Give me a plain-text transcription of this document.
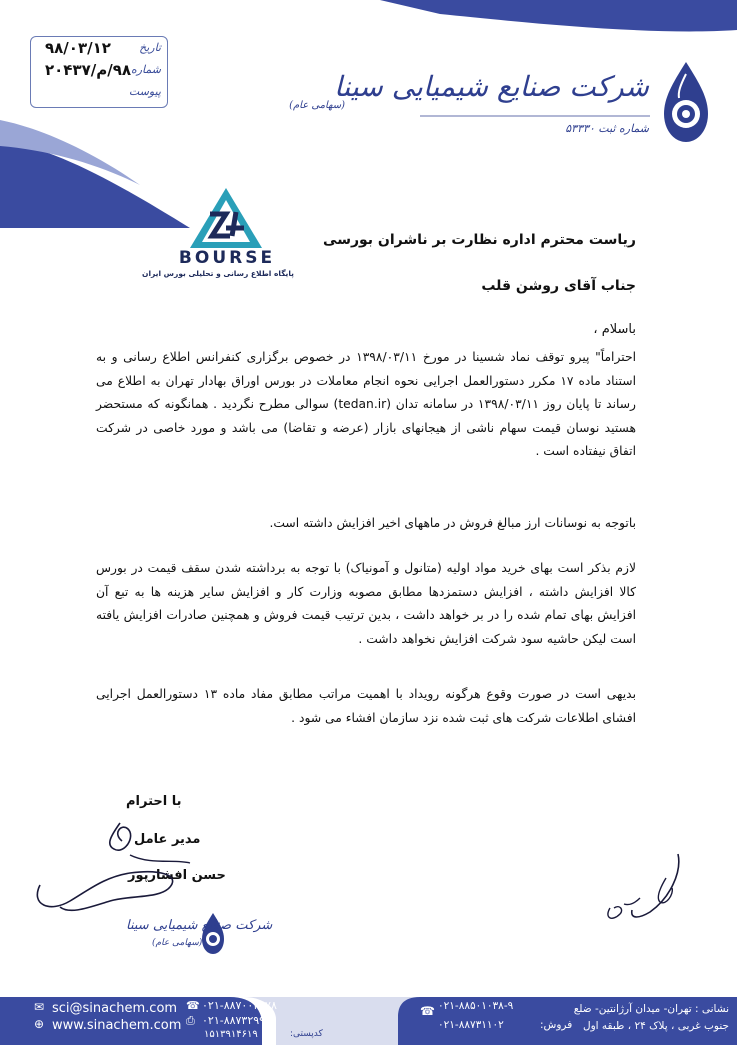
تاریخ
۹۸/۰۳/۱۲
شماره
۹۸/م/۲۰۴۳۷
پیوست	شرکت صنایع شیمیایی سینا
(سهامی عام)
شماره ثبت ۵۳۳۳۰
BOURSE
پایگاه اطلاع رسانی و تحلیلی بورس ایران
ریاست محترم اداره نظارت بر ناشران بورسی
جناب آقای روشن قلب
باسلام ،

احتراماً" پیرو توقف نماد شسینا در مورخ ۱۳۹۸/۰۳/۱۱ در خصوص برگزاری کنفرانس اطلاع رسانی و به استناد ماده ۱۷ مکرر دستورالعمل اجرایی نحوه انجام معاملات در بورس اوراق بهادار تهران به اطلاع می رساند تا پایان روز ۱۳۹۸/۰۳/۱۱ در سامانه تدان (tedan.ir) سوالی مطرح نگردید . همانگونه که مستحضر هستید نوسان قیمت سهام ناشی از هیجانهای بازار (عرضه و تقاضا) می باشد و مورد خاصی در شرکت اتفاق نیفتاده است .

باتوجه به نوسانات ارز مبالغ فروش در ماههای اخیر افزایش داشته است.

لازم بذکر است بهای خرید مواد اولیه (متانول و آمونیاک) با توجه به برداشته شدن سقف قیمت در بورس کالا افزایش داشته ، افزایش دستمزدها مطابق مصوبه وزارت کار و افزایش سایر هزینه ها به تبع آن افزایش بهای تمام شده را در بر خواهد داشت ، بدین ترتیب قیمت فروش و همچنین صادرات افزایش یافته است لیکن حاشیه سود شرکت افزایش نخواهد داشت .

بدیهی است در صورت وقوع هرگونه رویداد با اهمیت مراتب مطابق مفاد ماده ۱۳ دستورالعمل اجرایی افشای اطلاعات شرکت های ثبت شده نزد سازمان افشاء می شود .

با احترام
مدیر عامل
حسن افشارپور
شرکت صنایع شیمیایی سینا
(سهامی عام)
نشانی : تهران- میدان آرژانتین- ضلع
جنوب غربی ، پلاک ۲۴ ، طبقه اول
۰۲۱-۸۸۵۰۱۰۳۸-۹
۰۲۱-۸۸۷۳۱۱۰۲	فروش:
☎
✉
⊕
sci@sinachem.com
www.sinachem.com
☎ ۰۲۱-۸۸۷۰۰۳۵۷۸
⎙ ۰۲۱-۸۸۷۳۲۹۹۸
۱۵۱۳۹۱۴۶۱۹	کدپستی:
